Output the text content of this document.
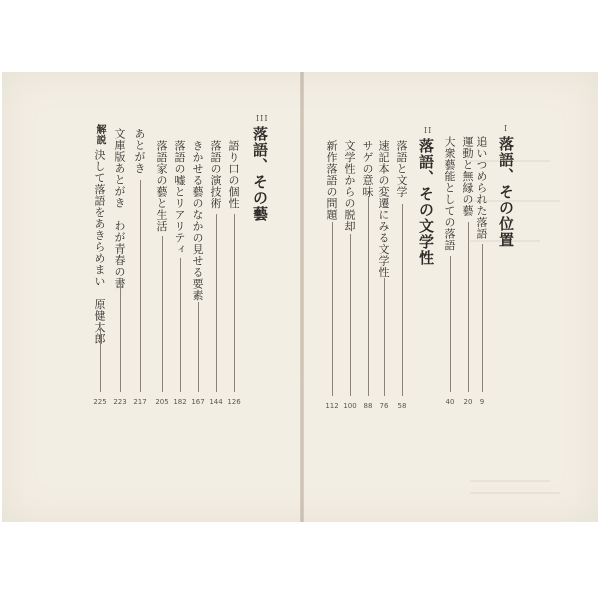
I
落語、その位置
追いつめられた落語
9
運動と無縁の藝
20
大衆藝能としての落語
40
II
落語、その文学性
落語と文学
58
速記本の変遷にみる文学性
76
サゲの意味
88
文学性からの脱却
100
新作落語の問題
112
III
落語、その藝
語り口の個性
126
落語の演技術
144
きかせる藝のなかの見せる要素
167
落語の嘘とリアリティ
182
落語家の藝と生活
205
あとがき
217
文庫版あとがき　わが青春の書
223
解説決して落語をあきらめまい　原健太郎
225
